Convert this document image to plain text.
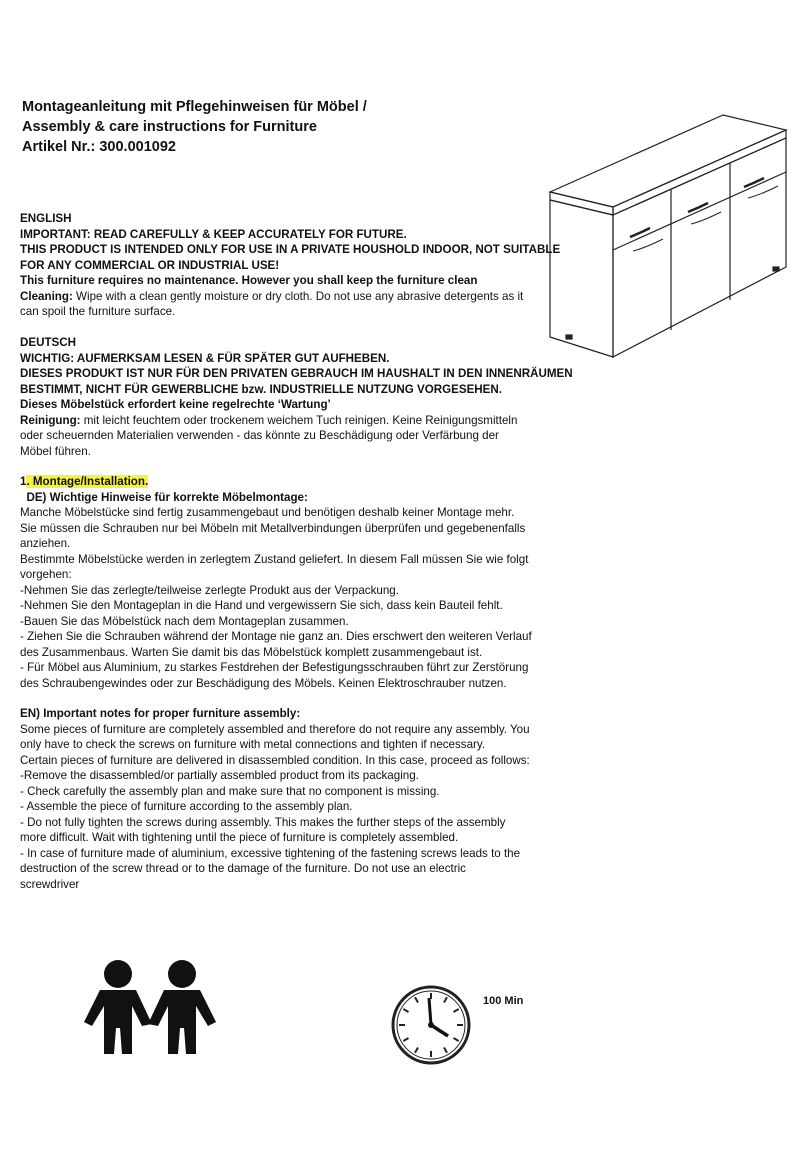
Montageanleitung mit Pflegehinweisen für Möbel /
Assembly & care instructions for Furniture
Artikel Nr.: 300.001092
ENGLISH
IMPORTANT: READ CAREFULLY & KEEP ACCURATELY FOR FUTURE.
THIS PRODUCT IS INTENDED ONLY FOR USE IN A PRIVATE HOUSHOLD INDOOR, NOT SUITABLE
FOR ANY COMMERCIAL OR INDUSTRIAL USE!
This furniture requires no maintenance. However you shall keep the furniture clean
Cleaning: Wipe with a clean gently moisture or dry cloth. Do not use any abrasive detergents as it
can spoil the furniture surface.
DEUTSCH
WICHTIG: AUFMERKSAM LESEN & FÜR SPÄTER GUT AUFHEBEN.
DIESES PRODUKT IST NUR FÜR DEN PRIVATEN GEBRAUCH IM HAUSHALT IN DEN INNENRÄUMEN
BESTIMMT, NICHT FÜR GEWERBLICHE bzw. INDUSTRIELLE NUTZUNG VORGESEHEN.
Dieses Möbelstück erfordert keine regelrechte ‘Wartung’
Reinigung: mit leicht feuchtem oder trockenem weichem Tuch reinigen. Keine Reinigungsmitteln
oder scheuernden Materialien verwenden - das könnte zu Beschädigung oder Verfärbung der
Möbel führen.
1. Montage/Installation.
DE) Wichtige Hinweise für korrekte Möbelmontage:
Manche Möbelstücke sind fertig zusammengebaut und benötigen deshalb keiner Montage mehr.
Sie müssen die Schrauben nur bei Möbeln mit Metallverbindungen überprüfen und gegebenenfalls
anziehen.
Bestimmte Möbelstücke werden in zerlegtem Zustand geliefert. In diesem Fall müssen Sie wie folgt
vorgehen:
-Nehmen Sie das zerlegte/teilweise zerlegte Produkt aus der Verpackung.
-Nehmen Sie den Montageplan in die Hand und vergewissern Sie sich, dass kein Bauteil fehlt.
-Bauen Sie das Möbelstück nach dem Montageplan zusammen.
- Ziehen Sie die Schrauben während der Montage nie ganz an. Dies erschwert den weiteren Verlauf
des Zusammenbaus. Warten Sie damit bis das Möbelstück komplett zusammengebaut ist.
- Für Möbel aus Aluminium, zu starkes Festdrehen der Befestigungsschrauben führt zur Zerstörung
des Schraubengewindes oder zur Beschädigung des Möbels. Keinen Elektroschrauber nutzen.
EN) Important notes for proper furniture assembly:
Some pieces of furniture are completely assembled and therefore do not require any assembly. You
only have to check the screws on furniture with metal connections and tighten if necessary.
Certain pieces of furniture are delivered in disassembled condition. In this case, proceed as follows:
-Remove the disassembled/or partially assembled product from its packaging.
- Check carefully the assembly plan and make sure that no component is missing.
- Assemble the piece of furniture according to the assembly plan.
- Do not fully tighten the screws during assembly. This makes the further steps of the assembly
more difficult. Wait with tightening until the piece of furniture is completely assembled.
- In case of furniture made of aluminium, excessive tightening of the fastening screws leads to the
destruction of the screw thread or to the damage of the furniture. Do not use an electric
screwdriver
100 Min
